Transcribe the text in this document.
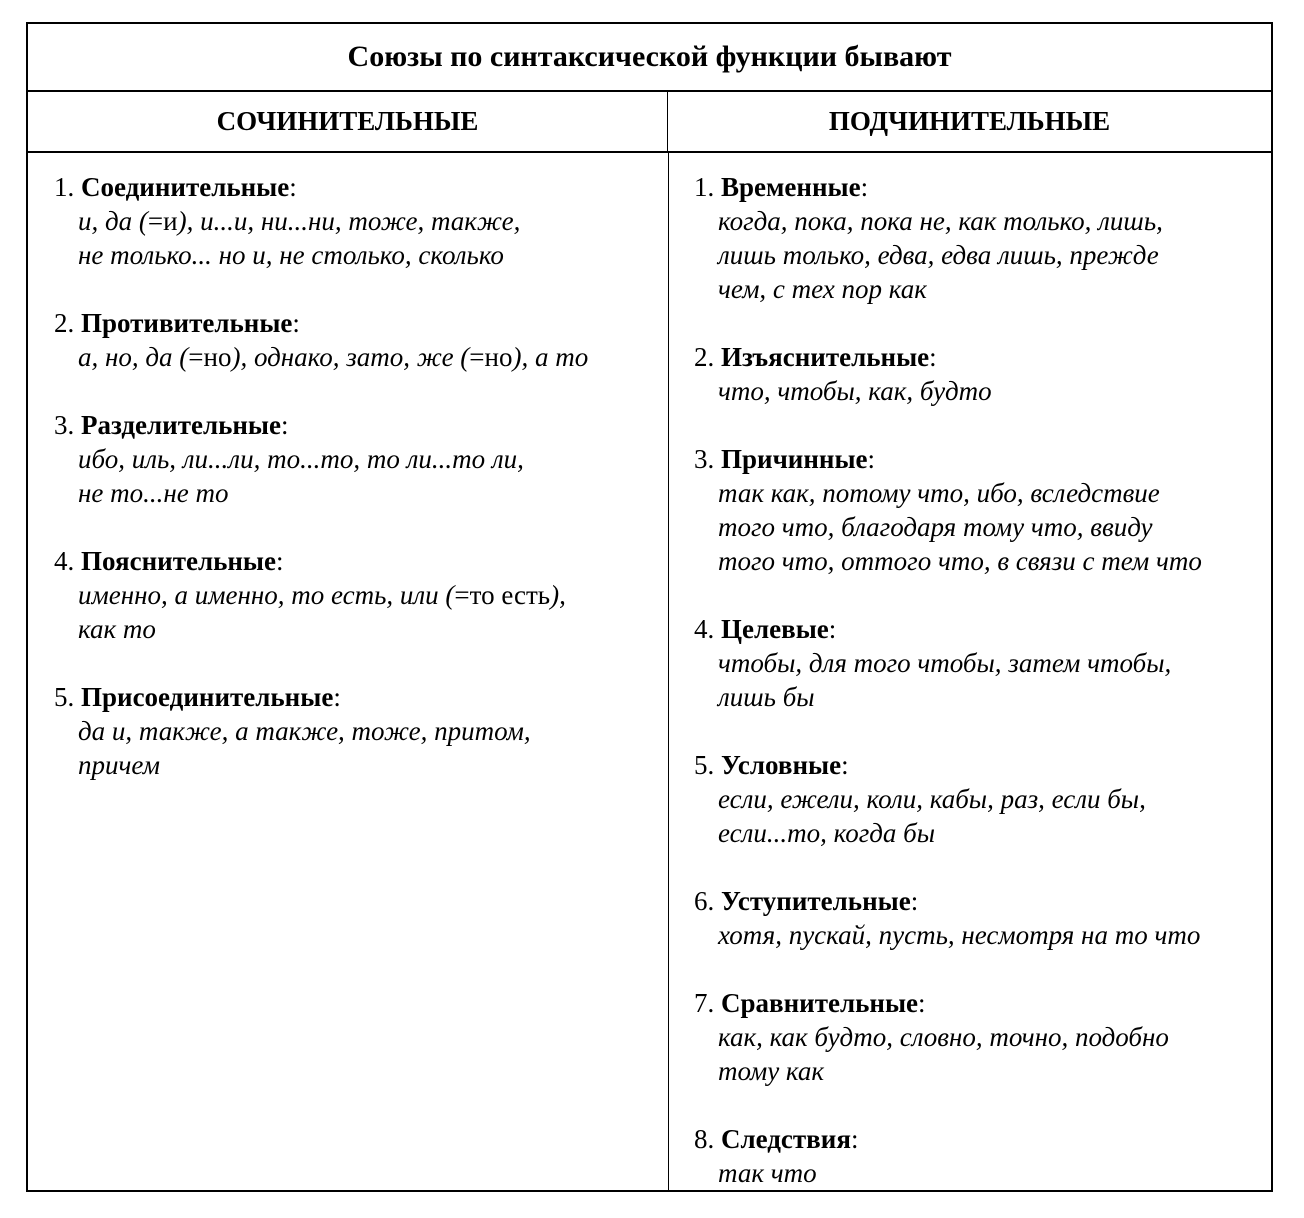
Союзы по синтаксической функции бывают
СОЧИНИТЕЛЬНЫЕ	ПОДЧИНИТЕЛЬНЫЕ
1. Соединительные:
и, да (=и), и...и, ни...ни, тоже, также,
не только... но и, не столько, сколько
2. Противительные:
а, но, да (=но), однако, зато, же (=но), а то
3. Разделительные:
ибо, иль, ли...ли, то...то, то ли...то ли,
не то...не то
4. Пояснительные:
именно, а именно, то есть, или (=то есть),
как то
5. Присоединительные:
да и, также, а также, тоже, притом,
причем
1. Временные:
когда, пока, пока не, как только, лишь,
лишь только, едва, едва лишь, прежде
чем, с тех пор как
2. Изъяснительные:
что, чтобы, как, будто
3. Причинные:
так как, потому что, ибо, вследствие
того что, благодаря тому что, ввиду
того что, оттого что, в связи с тем что
4. Целевые:
чтобы, для того чтобы, затем чтобы,
лишь бы
5. Условные:
если, ежели, коли, кабы, раз, если бы,
если...то, когда бы
6. Уступительные:
хотя, пускай, пусть, несмотря на то что
7. Сравнительные:
как, как будто, словно, точно, подобно
тому как
8. Следствия:
так что
